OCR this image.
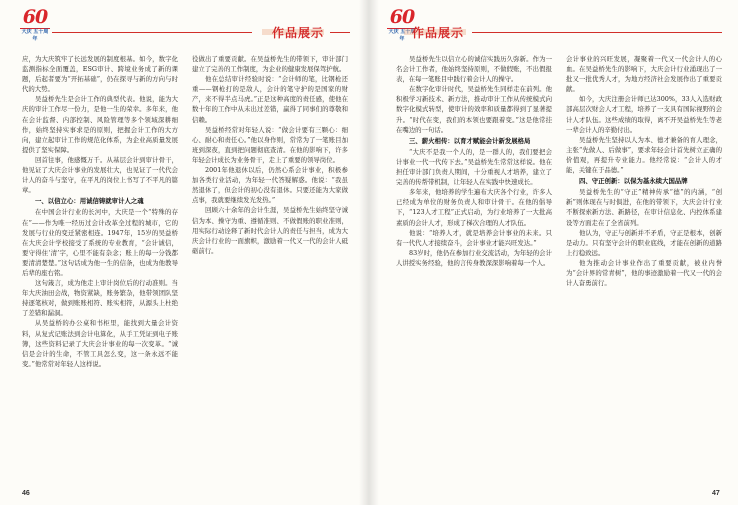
60
大庆 五十周年
60
大庆 五十周年
作品展示	作品展示

应，为大庆筑牢了长远发展的制度根基。如今，数字化监测指标全面覆盖，ESG审计、跨境业务成了新的课题，后起者要为“开拓基础”，仍在探寻与新的方向与时代的大势。

吴益桥先生是会计工作的典型代表。他说，能为大庆的审计工作尽一份力，是他一生的荣幸。多年来，他在会计监督、内部控制、风险管理等多个领域深耕细作，始终坚持实事求是的原则，把握会计工作的大方向，建立起审计工作的规范化体系，为企业高质量发展提供了坚实保障。

回首往事，他感慨万千。从基层会计到审计骨干，他见证了大庆会计事业的发展壮大，也见证了一代代会计人的奋斗与坚守，在平凡的岗位上书写了不平凡的篇章。

一、以信立心：用诚信铸就审计人之魂

在中国会计行业的长河中，大庆是一个“特殊的存在”——作为唯一经历过会计改革全过程的城市，它的发展与行业的变迁紧密相连。1947年，15岁的吴益桥在大庆会计学校接受了系统的专业教育，“会计诚信，要守得住‘清’字，心里不能有杂念；账上的每一分钱都要清清楚楚。”这句话成为他一生的信条，也成为他教导后辈的座右铭。

这句箴言，成为他走上审计岗位后的行动准则。当年大庆油田会战，物资紧缺，账务繁杂，他带领团队坚持逐笔核对，做到账账相符、账实相符，从源头上杜绝了差错和漏洞。

从吴益桥的办公桌和书柜里，能找到大量会计资料，从复式记账法到会计电算化，从手工凭证到电子账簿，这些资料记录了大庆会计事业的每一次变革。“诚信是会计的生命，不管工具怎么变，这一条永远不能变。”他常常对年轻人这样说。

役做出了重要贡献。在吴益桥先生的带领下，审计部门建立了完善的工作制度，为企业的健康发展保驾护航。

他在总结审计经验时说：“会计师的笔，比钢枪还重——钢枪打的是敌人，会计的笔守护的是国家的财产，来不得半点马虎。”正是这种高度的责任感，使他在数十年的工作中从未出过差错，赢得了同事们的尊敬和信赖。

吴益桥经常对年轻人说：“做会计要有三颗心：细心、耐心和责任心。”他以身作则，常常为了一笔账目加班到深夜，直到把问题彻底查清。在他的影响下，许多年轻会计成长为业务骨干，走上了重要的领导岗位。

2001年他退休以后，仍然心系会计事业，积极参加各类行业活动，为年轻一代答疑解惑。他说：“我虽然退休了，但会计的初心没有退休。只要还能为大家做点事，我就要继续发光发热。”

回顾六十余年的会计生涯，吴益桥先生始终坚守诚信为本、操守为重、遵循准则、不做假账的职业准则，用实际行动诠释了新时代会计人的责任与担当，成为大庆会计行业的一面旗帜，激励着一代又一代的会计人砥砺前行。

吴益桥先生以信立心的诚信实践历久弥新。作为一名会计工作者，他始终坚持原则，不做假账，不出假报表，在每一笔账目中践行着会计人的操守。

在数字化审计时代，吴益桥先生同样走在前列。他积极学习新技术、新方法，推动审计工作从传统模式向数字化模式转型，使审计的效率和质量都得到了显著提升。“时代在变，我们的本领也要跟着变。”这是他常挂在嘴边的一句话。

三、薪火相传：以育才赋能会计新发展格局

“大庆不是我一个人的，是一群人的，我们要把会计事业一代一代传下去。”吴益桥先生常常这样说。他在担任审计部门负责人期间，十分重视人才培养，建立了完善的传帮带机制，让年轻人在实践中快速成长。

多年来，他培养的学生遍布大庆各个行业，许多人已经成为单位的财务负责人和审计骨干。在他的倡导下，“123人才工程”正式启动，为行业培养了一大批高素质的会计人才，形成了梯次合理的人才队伍。

他说：“培养人才，就是培养会计事业的未来。只有一代代人才接续奋斗，会计事业才能兴旺发达。”

83岁时，他仍在参加行业交流活动，为年轻的会计人讲授实务经验，他的言传身教深深影响着每一个人。

会计事业的兴旺发展，凝聚着一代又一代会计人的心血。在吴益桥先生的影响下，大庆会计行业涌现出了一批又一批优秀人才，为地方经济社会发展作出了重要贡献。

如今，大庆注册会计师已达300%，33人入选财政部高层次财会人才工程，培养了一支具有国际视野的会计人才队伍。这些成绩的取得，离不开吴益桥先生等老一辈会计人的辛勤付出。

吴益桥先生坚持以人为本、德才兼备的育人理念，主张“先做人、后做事”，要求年轻会计首先树立正确的价值观，再提升专业能力。他经常说：“会计人的才能，关键在于品德。”

四、守正创新：以保为基永续大国品牌

吴益桥先生的“守正”精神传承“德”的内涵，“创新”则体现在与时俱进，在他的带领下，大庆会计行业不断探索新方法、新路径，在审计信息化、内控体系建设等方面走在了全省前列。

他认为，守正与创新并不矛盾，守正是根本，创新是动力。只有坚守会计的职业底线，才能在创新的道路上行稳致远。

他为推动会计事业作出了重要贡献，被业内誉为“会计界的常青树”，他的事迹激励着一代又一代的会计人奋勇前行。

46	47
